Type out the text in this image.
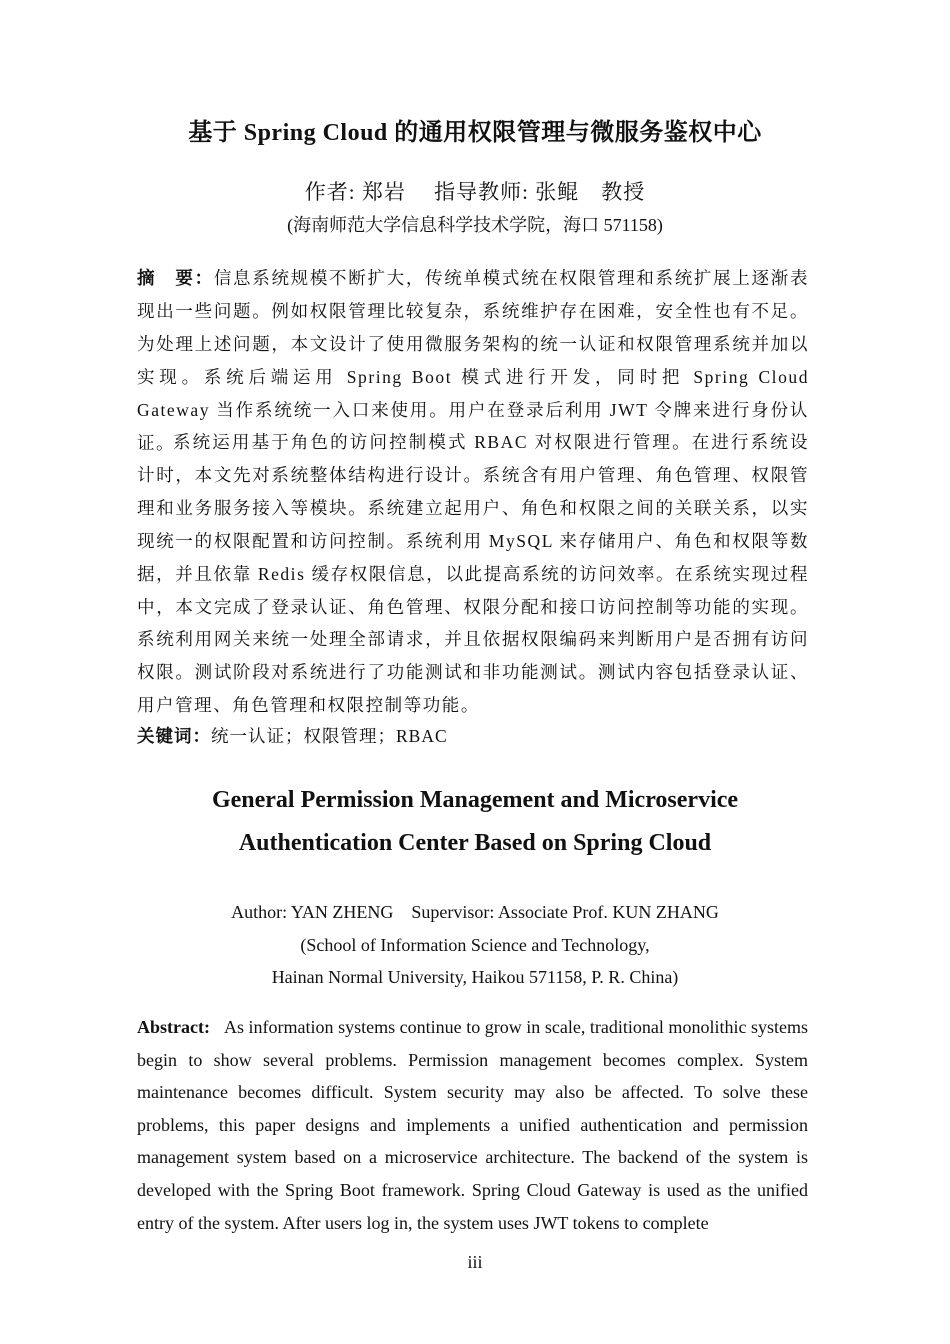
基于 Spring Cloud 的通用权限管理与微服务鉴权中心
作者: 郑岩　 指导教师: 张鲲　教授
(海南师范大学信息科学技术学院，海口 571158)
摘　要：信息系统规模不断扩大，传统单模式统在权限管理和系统扩展上逐渐表现出一些问题。例如权限管理比较复杂，系统维护存在困难，安全性也有不足。为处理上述问题，本文设计了使用微服务架构的统一认证和权限管理系统并加以实现。系统后端运用 Spring Boot 模式进行开发，同时把 Spring Cloud Gateway 当作系统统一入口来使用。用户在登录后利用 JWT 令牌来进行身份认证。
系统运用基于角色的访问控制模式 RBAC 对权限进行管理。在进行系统设计时，本文先对系统整体结构进行设计。系统含有用户管理、角色管理、权限管理和业务服务接入等模块。系统建立起用户、角色和权限之间的关联关系，以实现统一的权限配置和访问控制。系统利用 MySQL 来存储用户、角色和权限等数据，并且依靠 Redis 缓存权限信息，以此提高系统的访问效率。在系统实现过程中，本文完成了登录认证、角色管理、权限分配和接口访问控制等功能的实现。系统利用网关来统一处理全部请求，并且依据权限编码来判断用户是否拥有访问权限。测试阶段对系统进行了功能测试和非功能测试。测试内容包括登录认证、用户管理、角色管理和权限控制等功能。
关键词：统一认证；权限管理；RBAC
General Permission Management and Microservice
Authentication Center Based on Spring Cloud
Author: YAN ZHENG Supervisor: Associate Prof. KUN ZHANG
(School of Information Science and Technology,
Hainan Normal University, Haikou 571158, P. R. China)
Abstract: As information systems continue to grow in scale, traditional monolithic systems begin to show several problems. Permission management becomes complex. System maintenance becomes difficult. System security may also be affected. To solve these problems, this paper designs and implements a unified authentication and permission management system based on a microservice architecture. The backend of the system is developed with the Spring Boot framework. Spring Cloud Gateway is used as the unified entry of the system. After users log in, the system uses JWT tokens to complete
iii
